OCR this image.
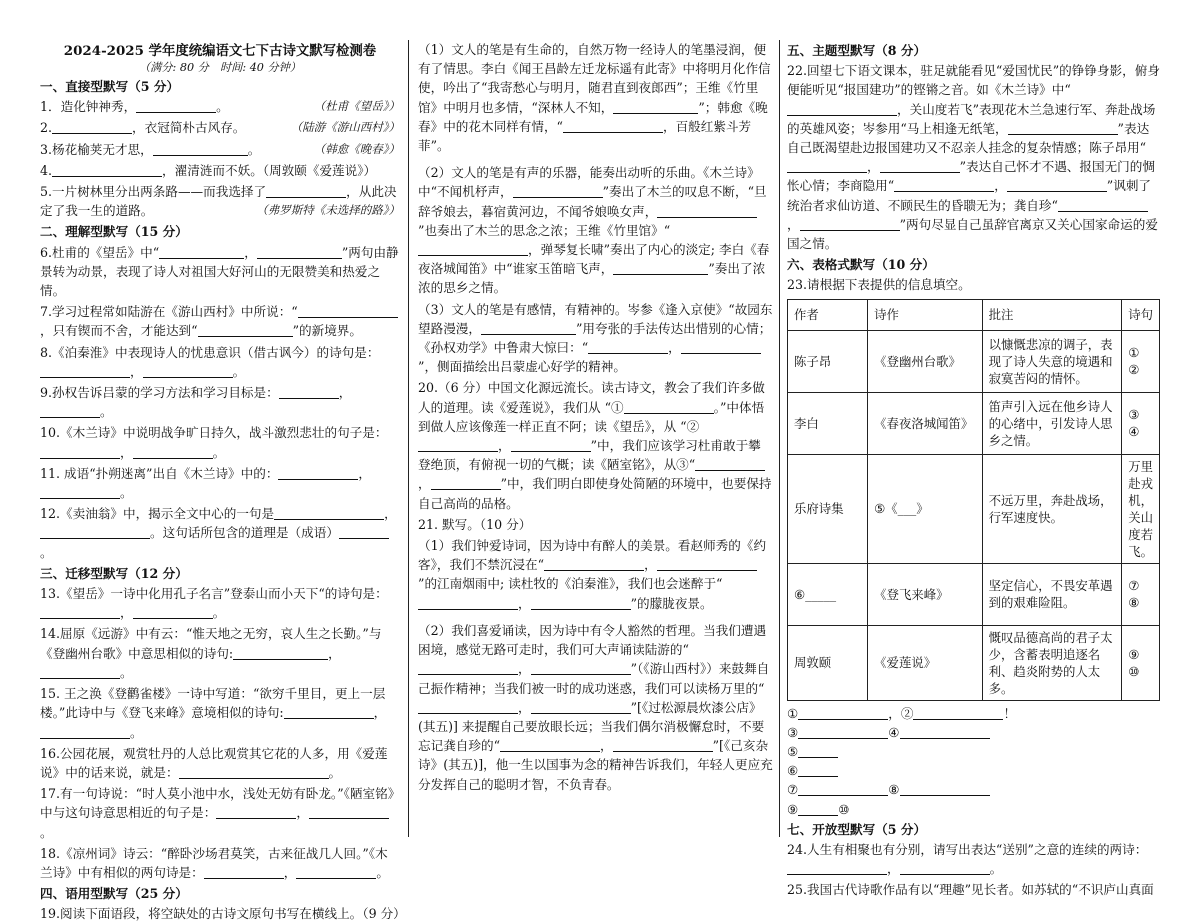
2024-2025 学年度统编语文七下古诗文默写检测卷
（满分: 80 分　时间: 40 分钟）
一、直接型默写（5 分）
1．造化钟神秀，	。	（杜甫《望岳》）
2.	，衣冠简朴古风存。	（陆游《游山西村》）
3.杨花榆荚无才思，	。	（韩愈《晚春》）
4.	，濯清涟而不妖。（周敦颐《爱莲说》）
5.一片树林里分出两条路——而我选择了	，从此决定了我一生的道路。	（弗罗斯特《未选择的路》）
二、理解型默写（15 分）
6.杜甫的《望岳》中“	，	”两句由静景转为动景，表现了诗人对祖国大好河山的无限赞美和热爱之情。
7.学习过程常如陆游在《游山西村》中所说：“，只有锲而不舍，才能达到“	”的新境界。
8.《泊秦淮》中表现诗人的忧患意识（借古讽今）的诗句是：，	。
9.孙权告诉吕蒙的学习方法和学习目标是：	，。
10.《木兰诗》中说明战争旷日持久，战斗激烈悲壮的句子是：，	。
11. 成语“扑朔迷离”出自《木兰诗》中的：	，。
12.《卖油翁》中，揭示全文中心的一句是	，。这句话所包含的道理是（成语）。
三、迁移型默写（12 分）
13.《望岳》一诗中化用孔子名言”登泰山而小天下“的诗句是：，	。
14.屈原《远游》中有云：“惟天地之无穷，哀人生之长勤。”与《登幽州台歌》中意思相似的诗句:	，。
15. 王之涣《登鹳雀楼》一诗中写道：“欲穷千里目，更上一层楼。”此诗中与《登飞来峰》意境相似的诗句:	，。
16.公园花展，观赏牡丹的人总比观赏其它花的人多，用《爱莲说》中的话来说，就是：	。
17.有一句诗说：“时人莫小池中水，浅处无妨有卧龙。”《陋室铭》中与这句诗意思相近的句子是：	，。
18.《凉州词》诗云：“醉卧沙场君莫笑，古来征战几人回。”《木兰诗》中有相似的两句诗是：	，	。
四、语用型默写（25 分）
19.阅读下面语段，将空缺处的古诗文原句书写在横线上。（9 分）
（1）文人的笔是有生命的，自然万物一经诗人的笔墨浸润，便有了情思。李白《闻王昌龄左迁龙标遥有此寄》中将明月化作信使，吟出了“我寄愁心与明月，随君直到夜郎西”；王维《竹里馆》中明月也多情，“深林人不知，	”；韩愈《晚春》中的花木同样有情，“	，百般红紫斗芳菲”。
（2）文人的笔是有声的乐器，能奏出动听的乐曲。《木兰诗》中“不闻机杼声，	”奏出了木兰的叹息不断，“旦辞爷娘去，暮宿黄河边，不闻爷娘唤女声，”也奏出了木兰的思念之浓；王维《竹里馆》“，弹琴复长啸”奏出了内心的淡定; 李白《春夜洛城闻笛》中“谁家玉笛暗飞声，	”奏出了浓浓的思乡之情。
（3）文人的笔是有感情，有精神的。岑参《逢入京使》“故园东望路漫漫，	”用夸张的手法传达出惜别的心情；《孙权劝学》中鲁肃大惊曰：“	，”，侧面描绘出吕蒙虚心好学的精神。
20.（6 分）中国文化源远流长。读古诗文，教会了我们许多做人的道理。读《爱莲说》，我们从 “①	。”中体悟到做人应该像莲一样正直不阿；读《望岳》，从 “②，	”中，我们应该学习杜甫敢于攀登绝顶，有俯视一切的气概；读《陋室铭》，从③“，	”中，我们明白即使身处简陋的环境中，也要保持自己高尚的品格。
21. 默写。（10 分）
（1）我们钟爱诗词，因为诗中有醉人的美景。看赵师秀的《约客》，我们不禁沉浸在“	，”的江南烟雨中; 读杜牧的《泊秦淮》，我们也会迷醉于“，	”的朦胧夜景。
（2）我们喜爱诵读，因为诗中有令人豁然的哲理。当我们遭遇困境，感觉无路可走时，我们可大声诵读陆游的“，	”（《游山西村》）来鼓舞自己振作精神；当我们被一时的成功迷惑，我们可以读杨万里的“，	”[《过松源晨炊漆公店》(其五)] 来提醒自己要放眼长远；当我们偶尔消极懈怠时，不要忘记龚自珍的“	，	”[《己亥杂诗》(其五)]，他一生以国事为念的精神告诉我们，年轻人更应充分发挥自己的聪明才智，不负青春。
五、主题型默写（8 分）
22.回望七下语文课本，驻足就能看见“爱国忧民”的铮铮身影，俯身便能听见“报国建功”的铿锵之音。如《木兰诗》中“，关山度若飞”表现花木兰急速行军、奔赴战场的英雄风姿；岑参用“马上相逢无纸笔，	”表达自己既渴望赴边报国建功又不忍亲人挂念的复杂情感；陈子昂用“，	”表达自己怀才不遇、报国无门的惆怅心情；李商隐用“	，	”讽刺了统治者求仙访道、不顾民生的昏聩无为；龚自珍“，	”两句尽显自己虽辞官离京又关心国家命运的爱国之情。
六、表格式默写（10 分）
23.请根据下表提供的信息填空。
作者	诗作	批注	诗句
陈子昂	《登幽州台歌》	以慷慨悲凉的调子，表现了诗人失意的境遇和寂寞苦闷的情怀。	①
②

李白	《春夜洛城闻笛》	笛声引入远在他乡诗人的心绪中，引发诗人思乡之情。	③
④

乐府诗集	⑤《___》	不远万里，奔赴战场，行军速度快。	万里赴戎机，关山度若飞。

⑥_____	《登飞来峰》	坚定信心，不畏安革遇到的艰难险阻。	⑦
⑧

周敦颐	《爱莲说》	慨叹品德高尚的君子太少，含蓄表明追逐名利、趋炎附势的人太多。	⑨
⑩
①	，②	！
③	④
⑤
⑥
⑦	⑧
⑨	⑩
七、开放型默写（5 分）
24.人生有相聚也有分别，请写出表达“送别”之意的连续的两诗：，	。
25.我国古代诗歌作品有以“理趣”见长者。如苏轼的“不识庐山真面
